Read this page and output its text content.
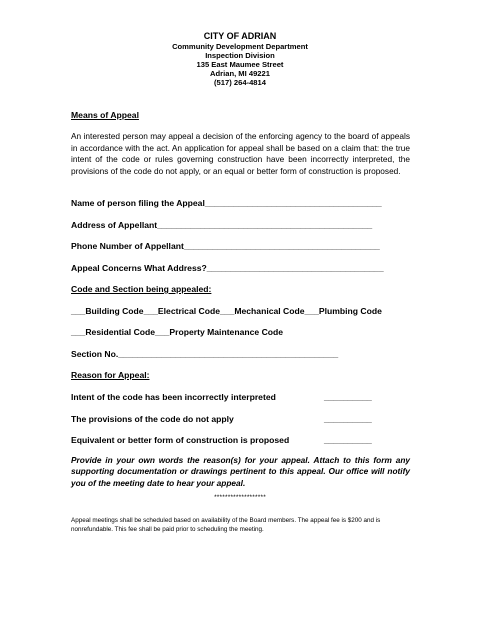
CITY OF ADRIAN
Community Development Department
Inspection Division
135 East Maumee Street
Adrian, MI 49221
(517) 264-4814
Means of Appeal
An interested person may appeal a decision of the enforcing agency to the board of appeals in accordance with the act. An application for appeal shall be based on a claim that: the true intent of the code or rules governing construction have been incorrectly interpreted, the provisions of the code do not apply, or an equal or better form of construction is proposed.
Name of person filing the Appeal_____________________________________
Address of Appellant_____________________________________________
Phone Number of Appellant_________________________________________
Appeal Concerns What Address?_____________________________________
Code and Section being appealed:
___Building Code___Electrical Code___Mechanical Code___Plumbing Code
___Residential Code___Property Maintenance Code
Section No.______________________________________________
Reason for Appeal:
Intent of the code has been incorrectly interpreted	__________
The provisions of the code do not apply	__________
Equivalent or better form of construction is proposed	__________
Provide in your own words the reason(s) for your appeal. Attach to this form any supporting documentation or drawings pertinent to this appeal. Our office will notify you of the meeting date to hear your appeal.
*******************
Appeal meetings shall be scheduled based on availability of the Board members. The appeal fee is $200 and is nonrefundable. This fee shall be paid prior to scheduling the meeting.
